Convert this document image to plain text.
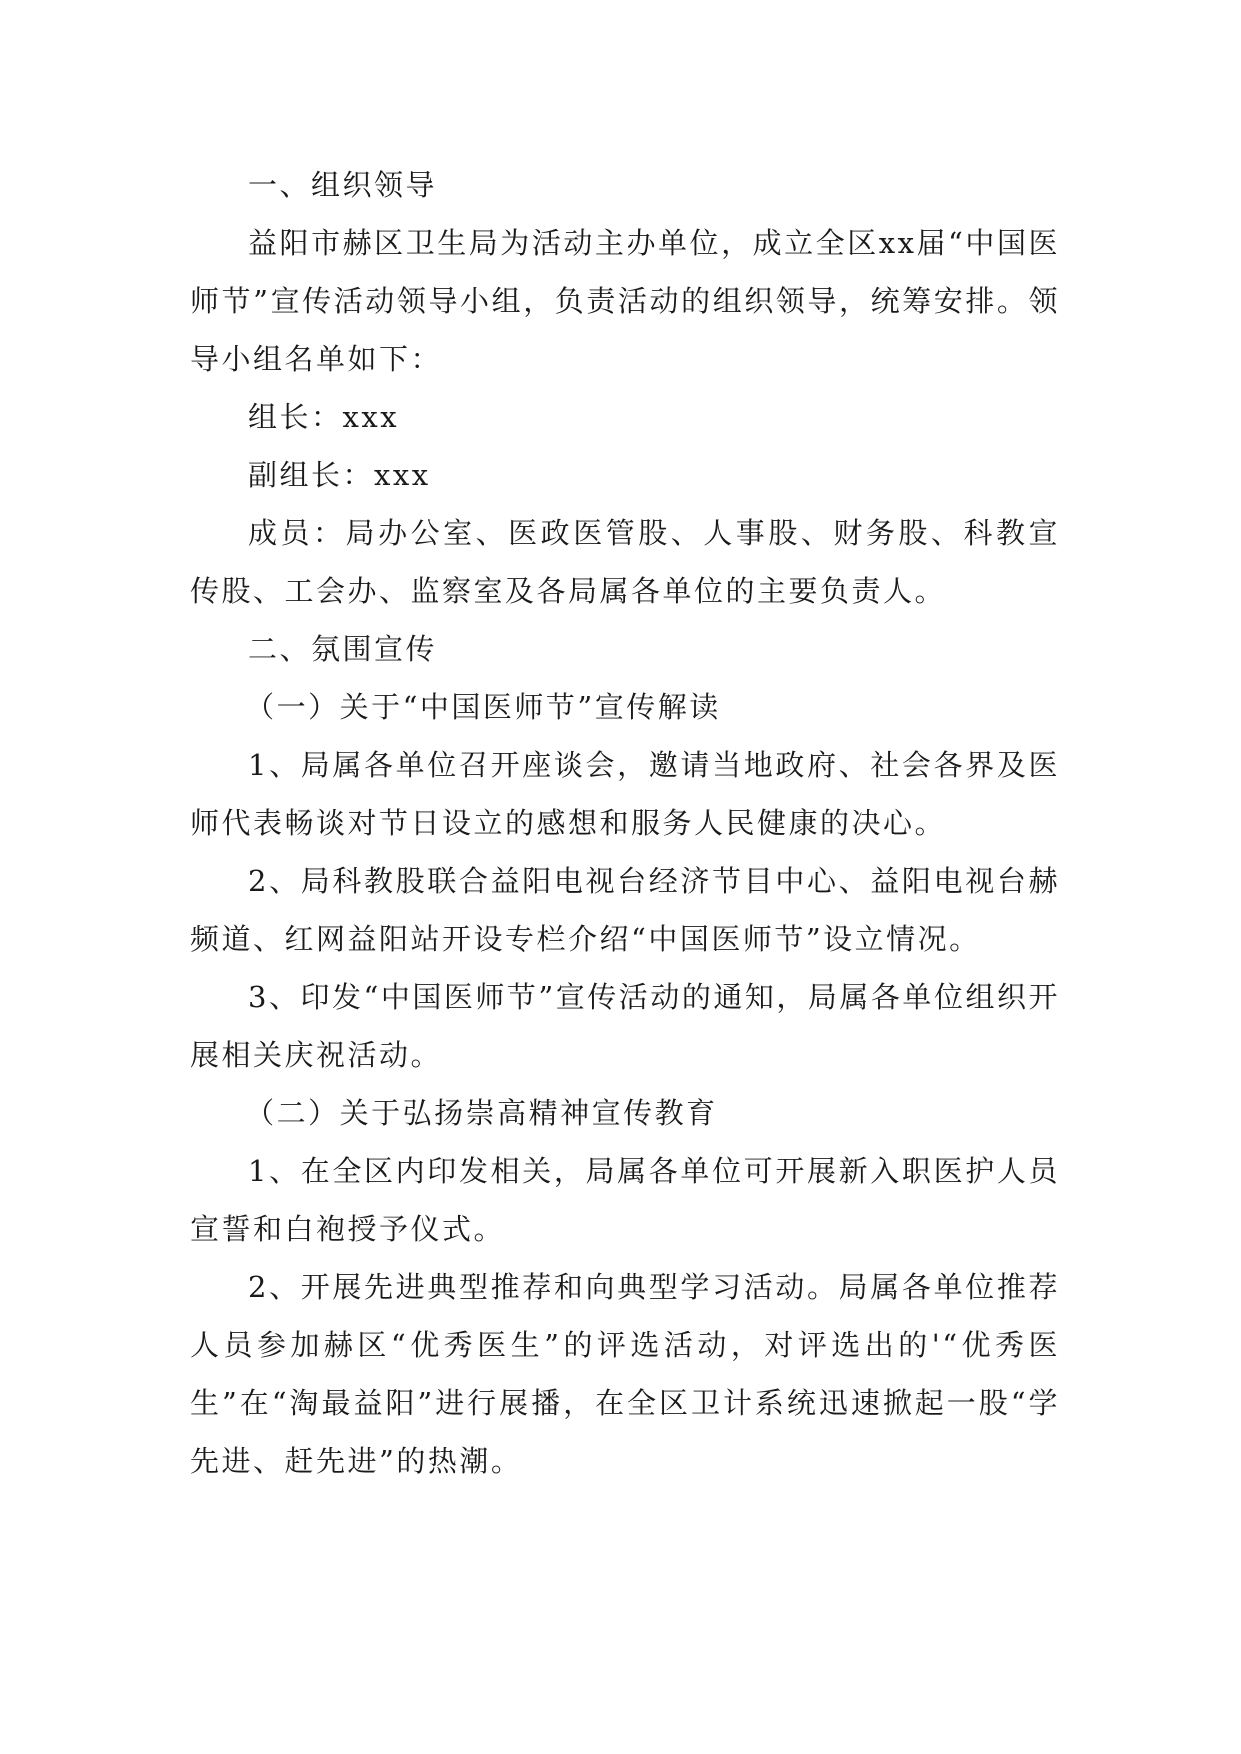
一、组织领导

益阳市赫区卫生局为活动主办单位，成立全区xx届“中国医师节”宣传活动领导小组，负责活动的组织领导，统筹安排。领导小组名单如下：

组长：xxx

副组长：xxx

成员：局办公室、医政医管股、人事股、财务股、科教宣传股、工会办、监察室及各局属各单位的主要负责人。

二、氛围宣传

（一）关于“中国医师节”宣传解读

1、局属各单位召开座谈会，邀请当地政府、社会各界及医师代表畅谈对节日设立的感想和服务人民健康的决心。

2、局科教股联合益阳电视台经济节目中心、益阳电视台赫频道、红网益阳站开设专栏介绍“中国医师节”设立情况。

3、印发“中国医师节”宣传活动的通知，局属各单位组织开展相关庆祝活动。

（二）关于弘扬崇高精神宣传教育

1、在全区内印发相关，局属各单位可开展新入职医护人员宣誓和白袍授予仪式。

2、开展先进典型推荐和向典型学习活动。局属各单位推荐人员参加赫区“优秀医生”的评选活动，对评选出的'“优秀医生”在“淘最益阳”进行展播，在全区卫计系统迅速掀起一股“学先进、赶先进”的热潮。
